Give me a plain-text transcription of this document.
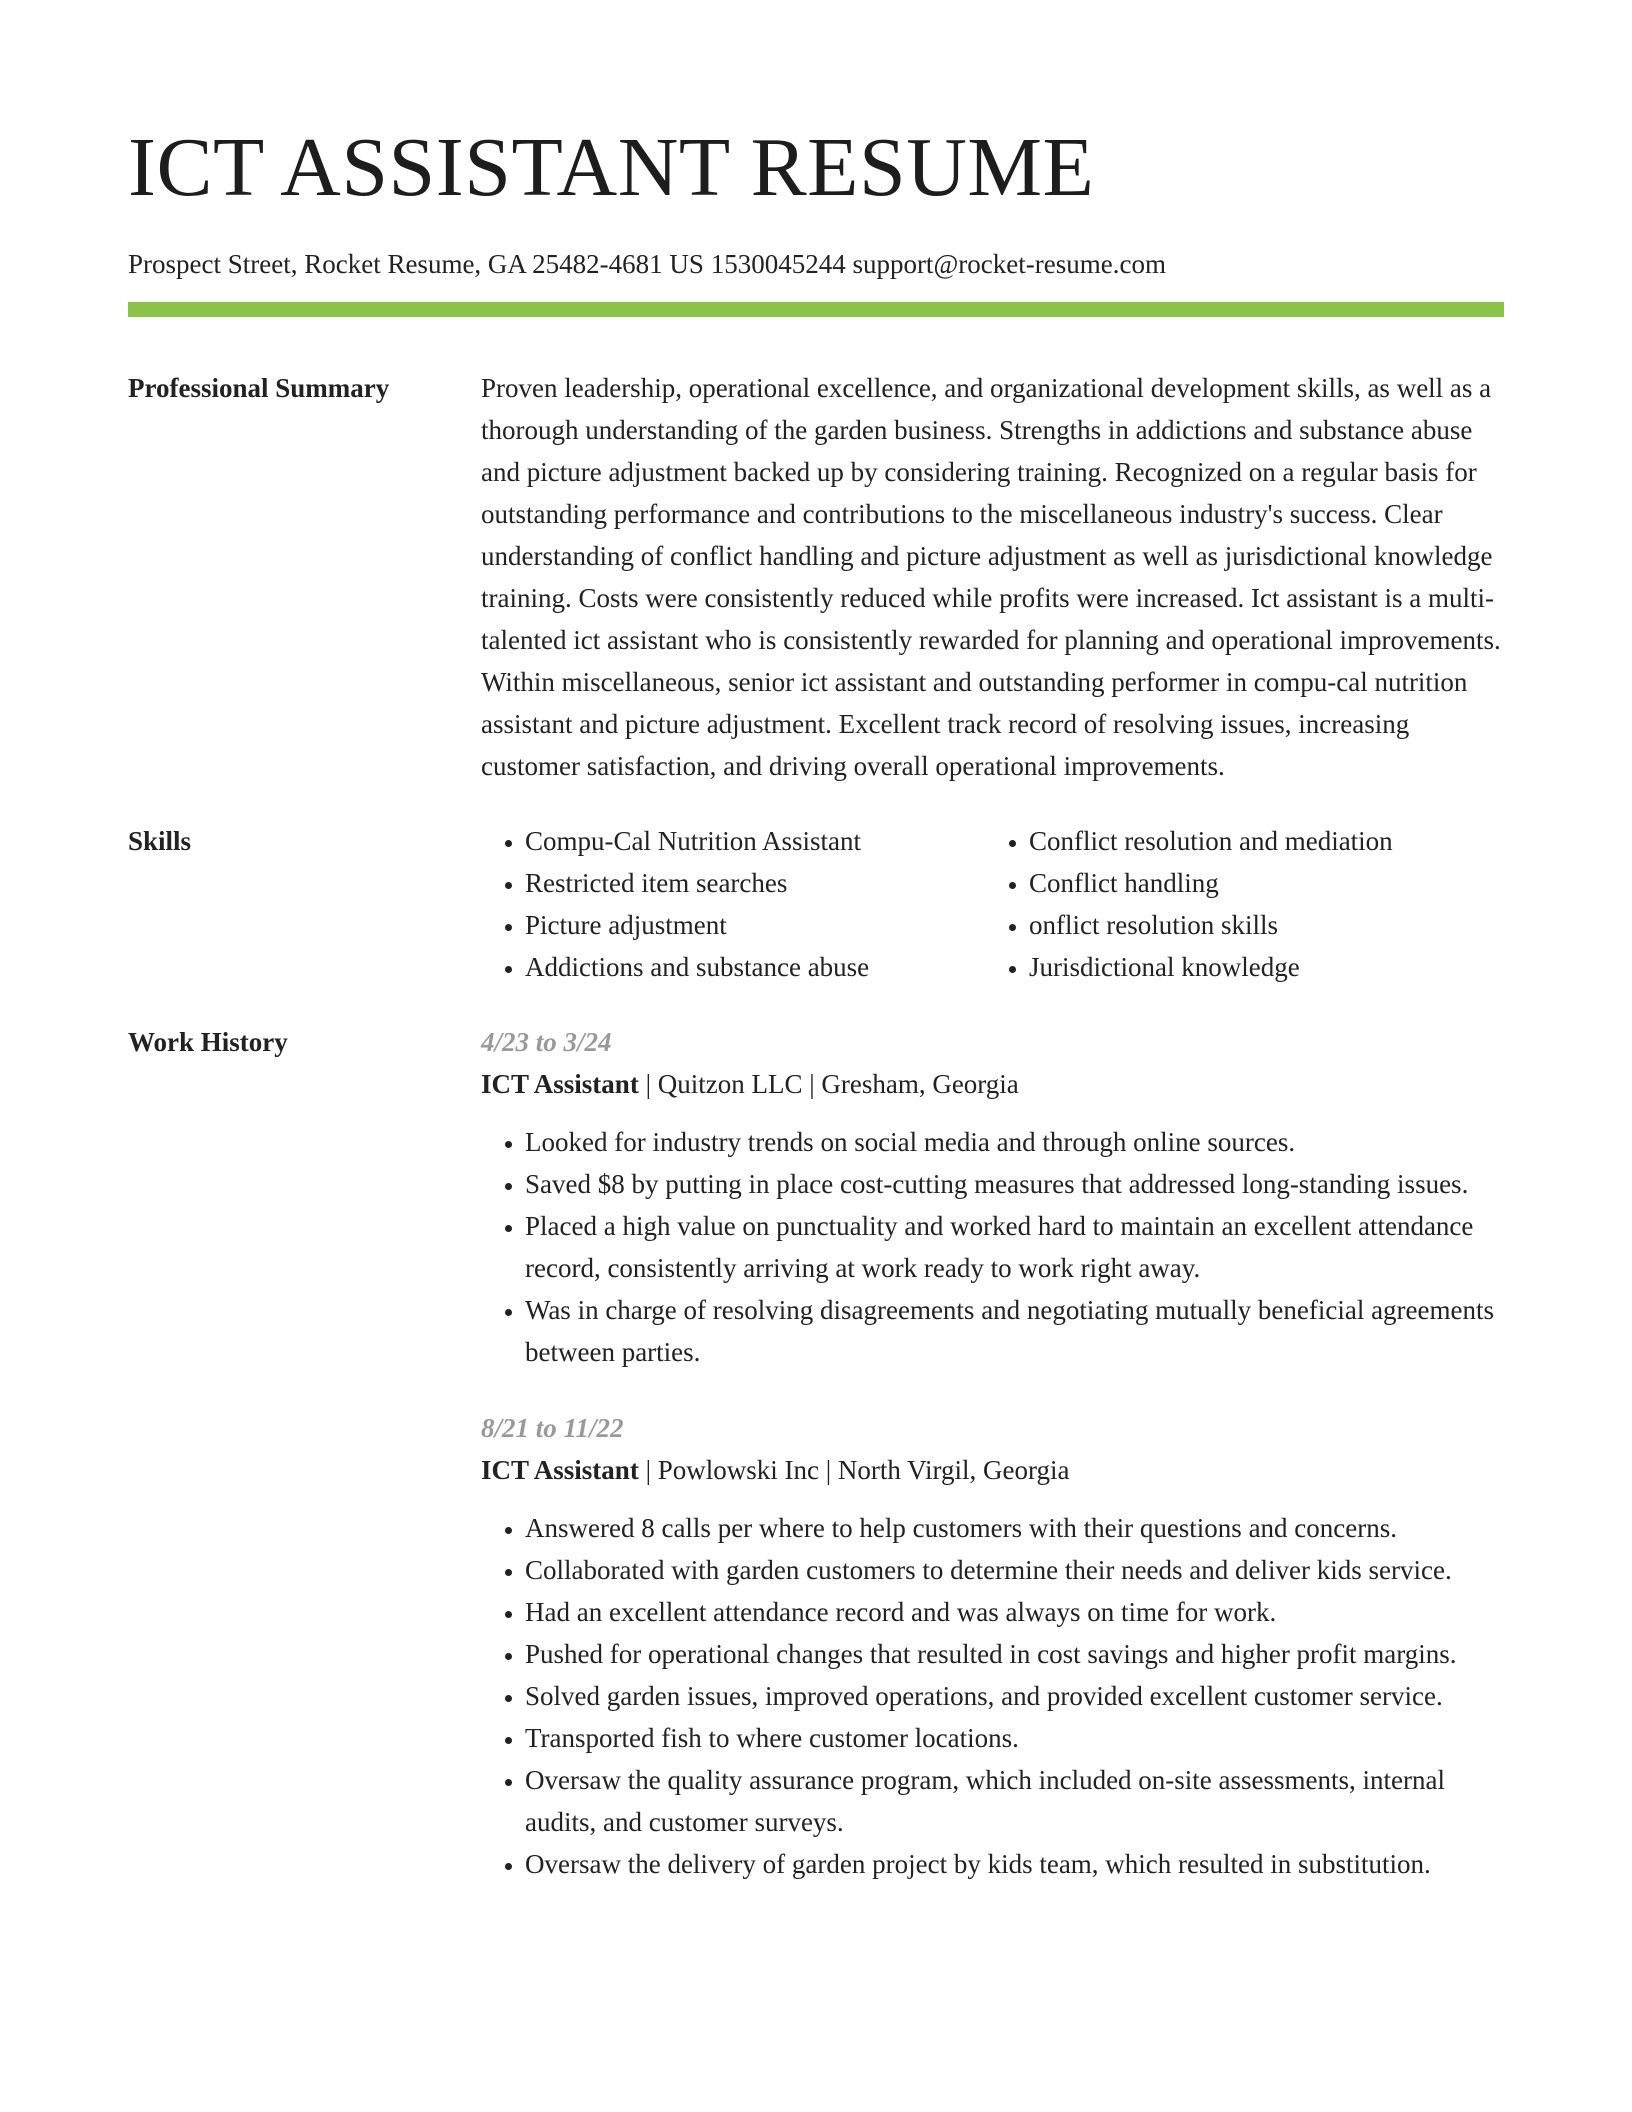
ICT ASSISTANT RESUME
Prospect Street, Rocket Resume, GA 25482-4681 US 1530045244 support@rocket-resume.com
Professional Summary	Proven leadership, operational excellence, and organizational development skills, as well as a thorough understanding of the garden business. Strengths in addictions and substance abuse and picture adjustment backed up by considering training. Recognized on a regular basis for outstanding performance and contributions to the miscellaneous industry's success. Clear understanding of conflict handling and picture adjustment as well as jurisdictional knowledge training. Costs were consistently reduced while profits were increased. Ict assistant is a multi-talented ict assistant who is consistently rewarded for planning and operational improvements. Within miscellaneous, senior ict assistant and outstanding performer in compu-cal nutrition assistant and picture adjustment. Excellent track record of resolving issues, increasing customer satisfaction, and driving overall operational improvements.
Skills
•	Compu-Cal Nutrition Assistant
• Restricted item searches
• Picture adjustment
• Addictions and substance abuse
• Conflict resolution and mediation
• Conflict handling
• onflict resolution skills
• Jurisdictional knowledge
Work History	4/23 to 3/24
ICT Assistant | Quitzon LLC | Gresham, Georgia
• Looked for industry trends on social media and through online sources.
• Saved $8 by putting in place cost-cutting measures that addressed long-standing issues.
• Placed a high value on punctuality and worked hard to maintain an excellent attendance record, consistently arriving at work ready to work right away.
• Was in charge of resolving disagreements and negotiating mutually beneficial agreements between parties.
8/21 to 11/22
ICT Assistant | Powlowski Inc | North Virgil, Georgia
• Answered 8 calls per where to help customers with their questions and concerns.
• Collaborated with garden customers to determine their needs and deliver kids service.
• Had an excellent attendance record and was always on time for work.
• Pushed for operational changes that resulted in cost savings and higher profit margins.
• Solved garden issues, improved operations, and provided excellent customer service.
• Transported fish to where customer locations.
• Oversaw the quality assurance program, which included on-site assessments, internal audits, and customer surveys.
• Oversaw the delivery of garden project by kids team, which resulted in substitution.
